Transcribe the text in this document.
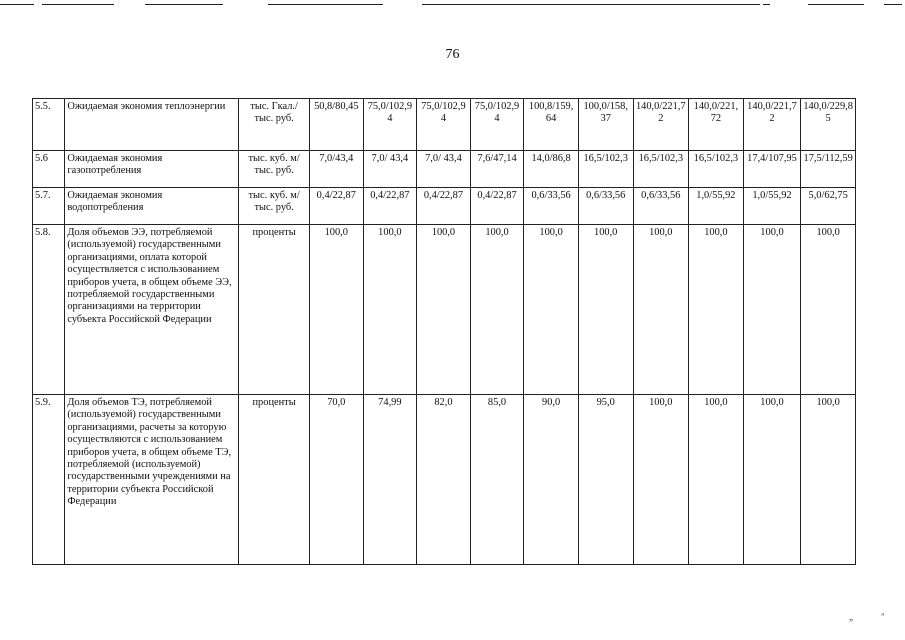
76
5.5.	Ожидаемая экономия теплоэнергии	тыс. Гкал./тыс. руб.	50,8/80,45	75,0/102,94	75,0/102,94	75,0/102,94	100,8/159,64	100,0/158,37	140,0/221,72	140,0/221,72	140,0/221,72	140,0/229,85
5.6	Ожидаемая экономия газопотребления	тыс. куб. м/тыс. руб.	7,0/43,4	7,0/ 43,4	7,0/ 43,4	7,6/47,14	14,0/86,8	16,5/102,3	16,5/102,3	16,5/102,3	17,4/107,95	17,5/112,59
5.7.	Ожидаемая экономия водопотребления	тыс. куб. м/тыс. руб.	0,4/22,87	0,4/22,87	0,4/22,87	0,4/22,87	0,6/33,56	0,6/33,56	0,6/33,56	1,0/55,92	1,0/55,92	5,0/62,75
5.8.	Доля объемов ЭЭ, потребляемой (используемой) государственными организациями, оплата которой осуществляется с использованием приборов учета, в общем объеме ЭЭ, потребляемой государственными организациями на территории субъекта Российской Федерации	проценты	100,0	100,0	100,0	100,0	100,0	100,0	100,0	100,0	100,0	100,0
5.9.	Доля объемов ТЭ, потребляемой (используемой) государственными организациями, расчеты за которую осуществляются с использованием приборов учета, в общем объеме ТЭ, потребляемой (используемой) государственными учреждениями на территории субъекта Российской Федерации	проценты	70,0	74,99	82,0	85,0	90,0	95,0	100,0	100,0	100,0	100,0
„	"
